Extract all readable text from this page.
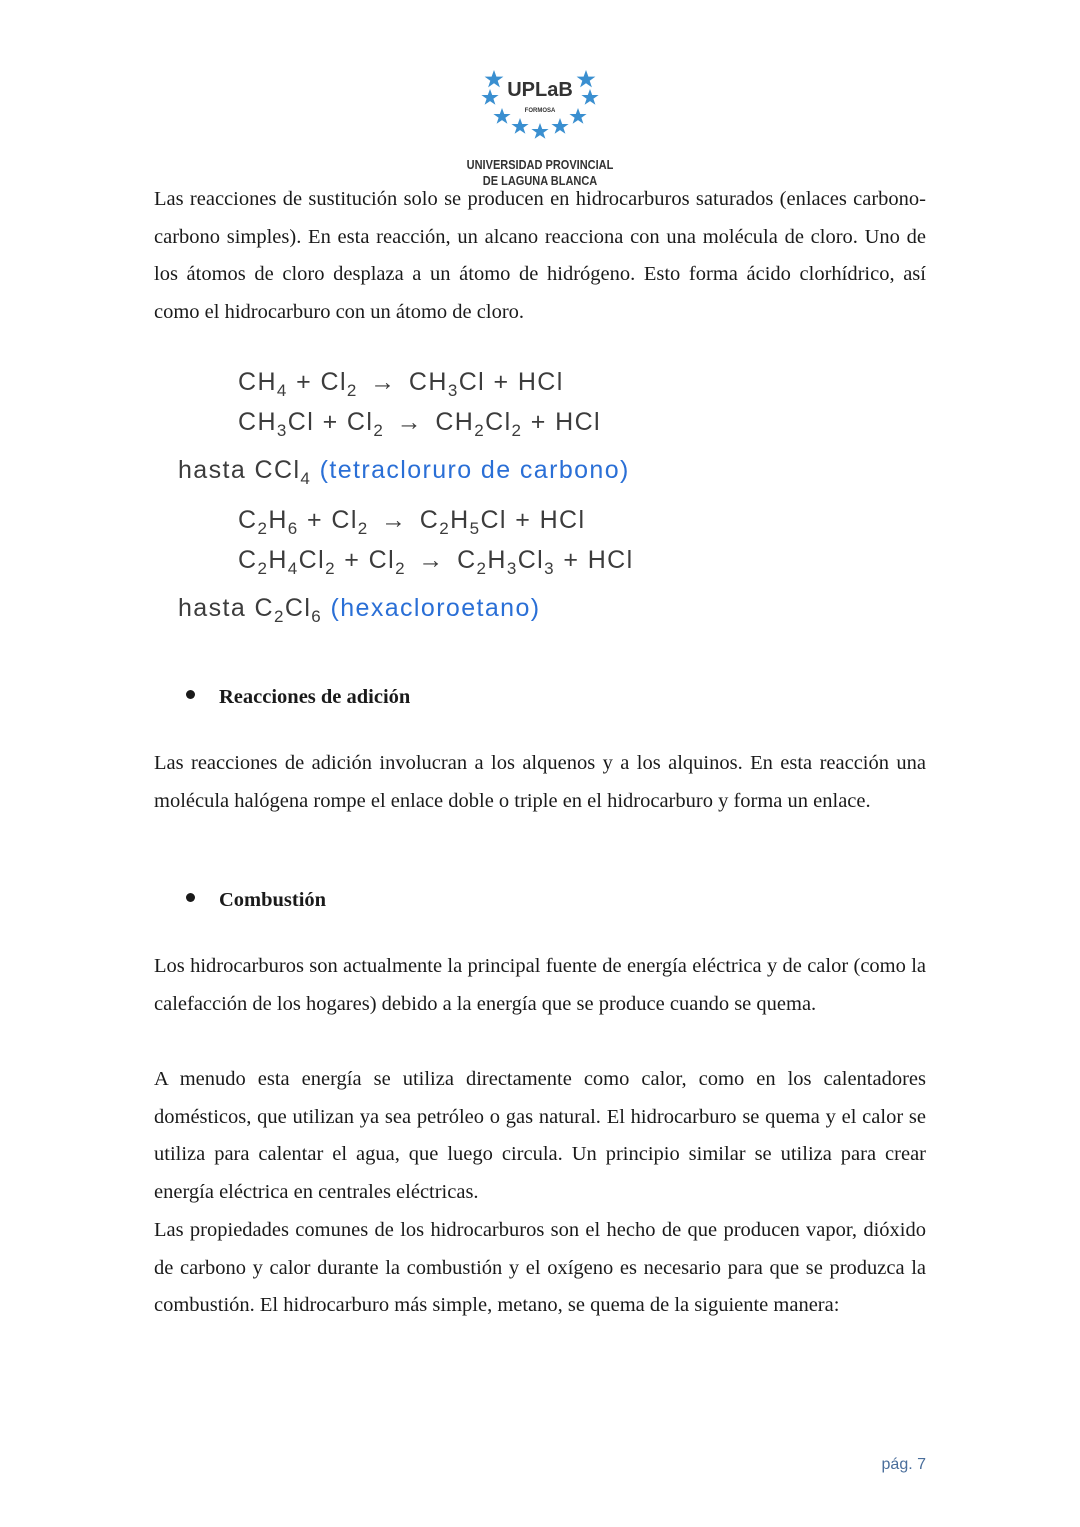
UPLaB
FORMOSA
UNIVERSIDAD PROVINCIAL
DE LAGUNA BLANCA

Las reacciones de sustitución solo se producen en hidrocarburos saturados (enlaces carbono-carbono simples). En esta reacción, un alcano reacciona con una molécula de cloro. Uno de los átomos de cloro desplaza a un átomo de hidrógeno. Esto forma ácido clorhídrico, así como el hidrocarburo con un átomo de cloro.

$CH_4 + Cl_2 \to CH_3Cl$ + HCl
$CH_3Cl + Cl_2 \to CH_2Cl_2$ + HCl
hasta CCl$_4$ (tetracloruro de carbono)
$C_2H_6 + Cl_2 \to C_2H_5Cl$ + HCl
$C_2H_4Cl_2 + Cl_2 \to C_2H_3Cl_3$ + HCl
hasta $C_2Cl_6$ (hexacloroetano)
Reacciones de adición

Las reacciones de adición involucran a los alquenos y a los alquinos. En esta reacción una molécula halógena rompe el enlace doble o triple en el hidrocarburo y forma un enlace.

Combustión

Los hidrocarburos son actualmente la principal fuente de energía eléctrica y de calor (como la calefacción de los hogares) debido a la energía que se produce cuando se quema.

A menudo esta energía se utiliza directamente como calor, como en los calentadores domésticos, que utilizan ya sea petróleo o gas natural. El hidrocarburo se quema y el calor se utiliza para calentar el agua, que luego circula. Un principio similar se utiliza para crear energía eléctrica en centrales eléctricas.

Las propiedades comunes de los hidrocarburos son el hecho de que producen vapor, dióxido de carbono y calor durante la combustión y el oxígeno es necesario para que se produzca la combustión. El hidrocarburo más simple, metano, se quema de la siguiente manera:

pág. 7
